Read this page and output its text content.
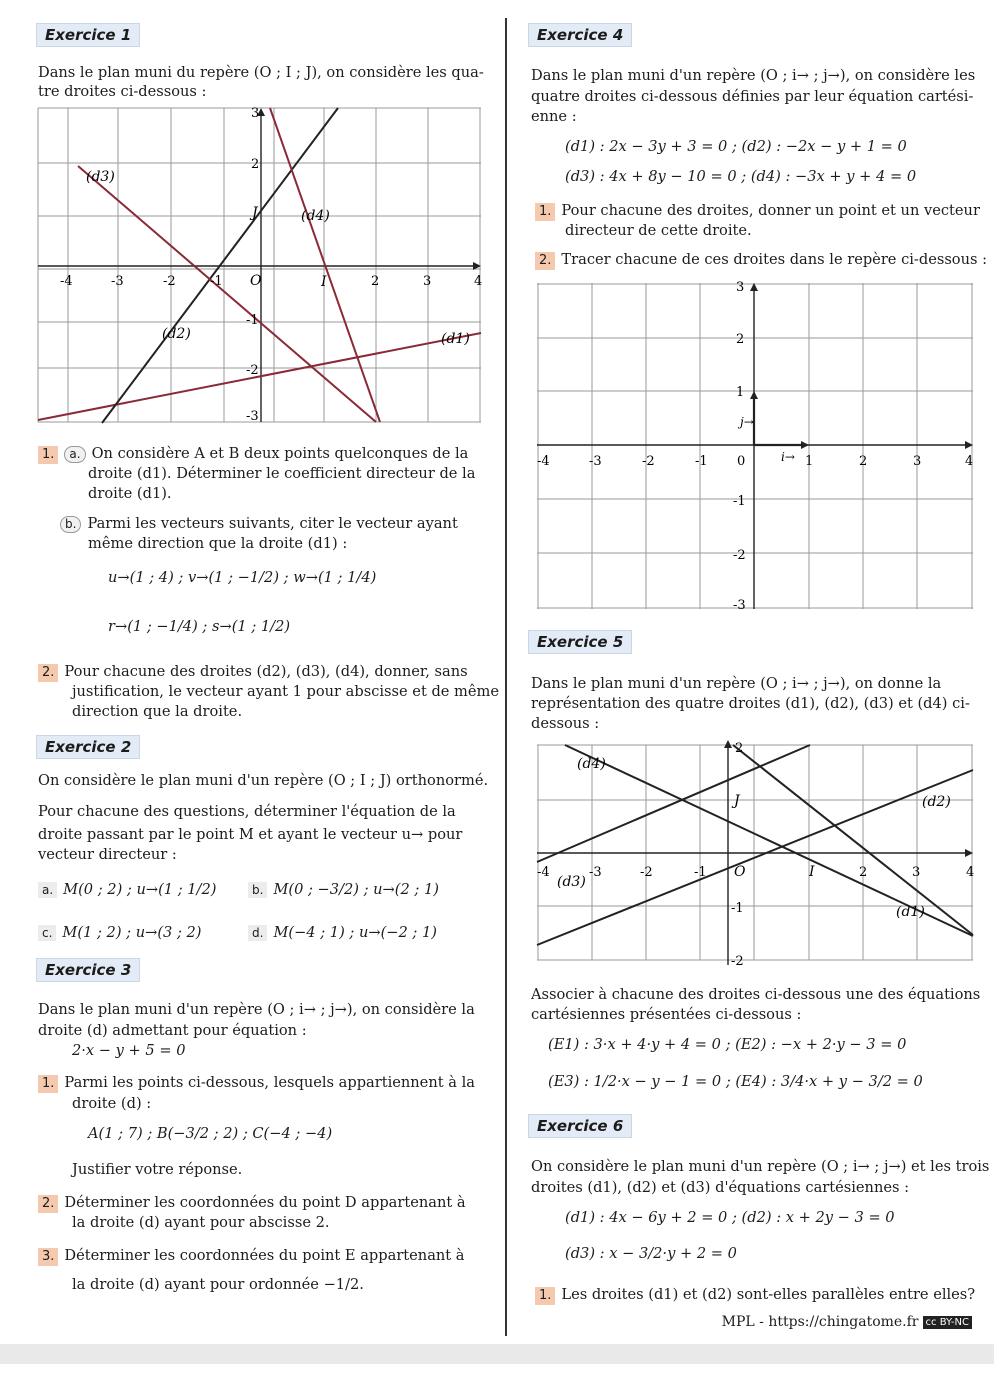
Exercice 1
Dans le plan muni du repère (O ; I ; J), on considère les qua-
tre droites ci-dessous :
(d3)
(d4)
(d2)	(d1)
O	I
J
-4	-3	-2	-1	2	3	4
3
2
-1
-2
-3
1. a. On considère A et B deux points quelconques de la
droite (d1). Déterminer le coefficient directeur de la
droite (d1).
b. Parmi les vecteurs suivants, citer le vecteur ayant
même direction que la droite (d1) :
u→(1 ; 4) ; v→(1 ; −1/2) ; w→(1 ; 1/4)
r→(1 ; −1/4) ; s→(1 ; 1/2)
2. Pour chacune des droites (d2), (d3), (d4), donner, sans
justification, le vecteur ayant 1 pour abscisse et de même
direction que la droite.
Exercice 2
On considère le plan muni d'un repère (O ; I ; J) orthonormé.
Pour chacune des questions, déterminer l'équation de la
droite passant par le point M et ayant le vecteur u→ pour
vecteur directeur :
a. M(0 ; 2) ; u→(1 ; 1/2)	b. M(0 ; −3/2) ; u→(2 ; 1)
c. M(1 ; 2) ; u→(3 ; 2)	d. M(−4 ; 1) ; u→(−2 ; 1)
Exercice 3
Dans le plan muni d'un repère (O ; i→ ; j→), on considère la
droite (d) admettant pour équation :
2·x − y + 5 = 0
1. Parmi les points ci-dessous, lesquels appartiennent à la
droite (d) :
A(1 ; 7) ; B(−3/2 ; 2) ; C(−4 ; −4)
Justifier votre réponse.
2. Déterminer les coordonnées du point D appartenant à
la droite (d) ayant pour abscisse 2.
3. Déterminer les coordonnées du point E appartenant à
la droite (d) ayant pour ordonnée −1/2.
Exercice 4
Dans le plan muni d'un repère (O ; i→ ; j→), on considère les
quatre droites ci-dessous définies par leur équation cartési-
enne :
(d1) : 2x − 3y + 3 = 0 ; (d2) : −2x − y + 1 = 0
(d3) : 4x + 8y − 10 = 0 ; (d4) : −3x + y + 4 = 0
1. Pour chacune des droites, donner un point et un vecteur
directeur de cette droite.
2. Tracer chacune de ces droites dans le repère ci-dessous :
i→
j→
-4	-3	-2	-1 0	1	2	3	4
3
2
1
-1
-2
-3
Exercice 5
Dans le plan muni d'un repère (O ; i→ ; j→), on donne la
représentation des quatre droites (d1), (d2), (d3) et (d4) ci-
dessous :
(d4)
(d2)
(d3)
(d1)
O	I
J
-4	-3	-2	-1	2	3	4
2
-1
-2
Associer à chacune des droites ci-dessous une des équations
cartésiennes présentées ci-dessous :
(E1) : 3·x + 4·y + 4 = 0 ; (E2) : −x + 2·y − 3 = 0
(E3) : 1/2·x − y − 1 = 0 ; (E4) : 3/4·x + y − 3/2 = 0
Exercice 6
On considère le plan muni d'un repère (O ; i→ ; j→) et les trois
droites (d1), (d2) et (d3) d'équations cartésiennes :
(d1) : 4x − 6y + 2 = 0 ; (d2) : x + 2y − 3 = 0
(d3) : x − 3/2·y + 2 = 0
1. Les droites (d1) et (d2) sont-elles parallèles entre elles?
MPL - https://chingatome.fr cc BY-NC
